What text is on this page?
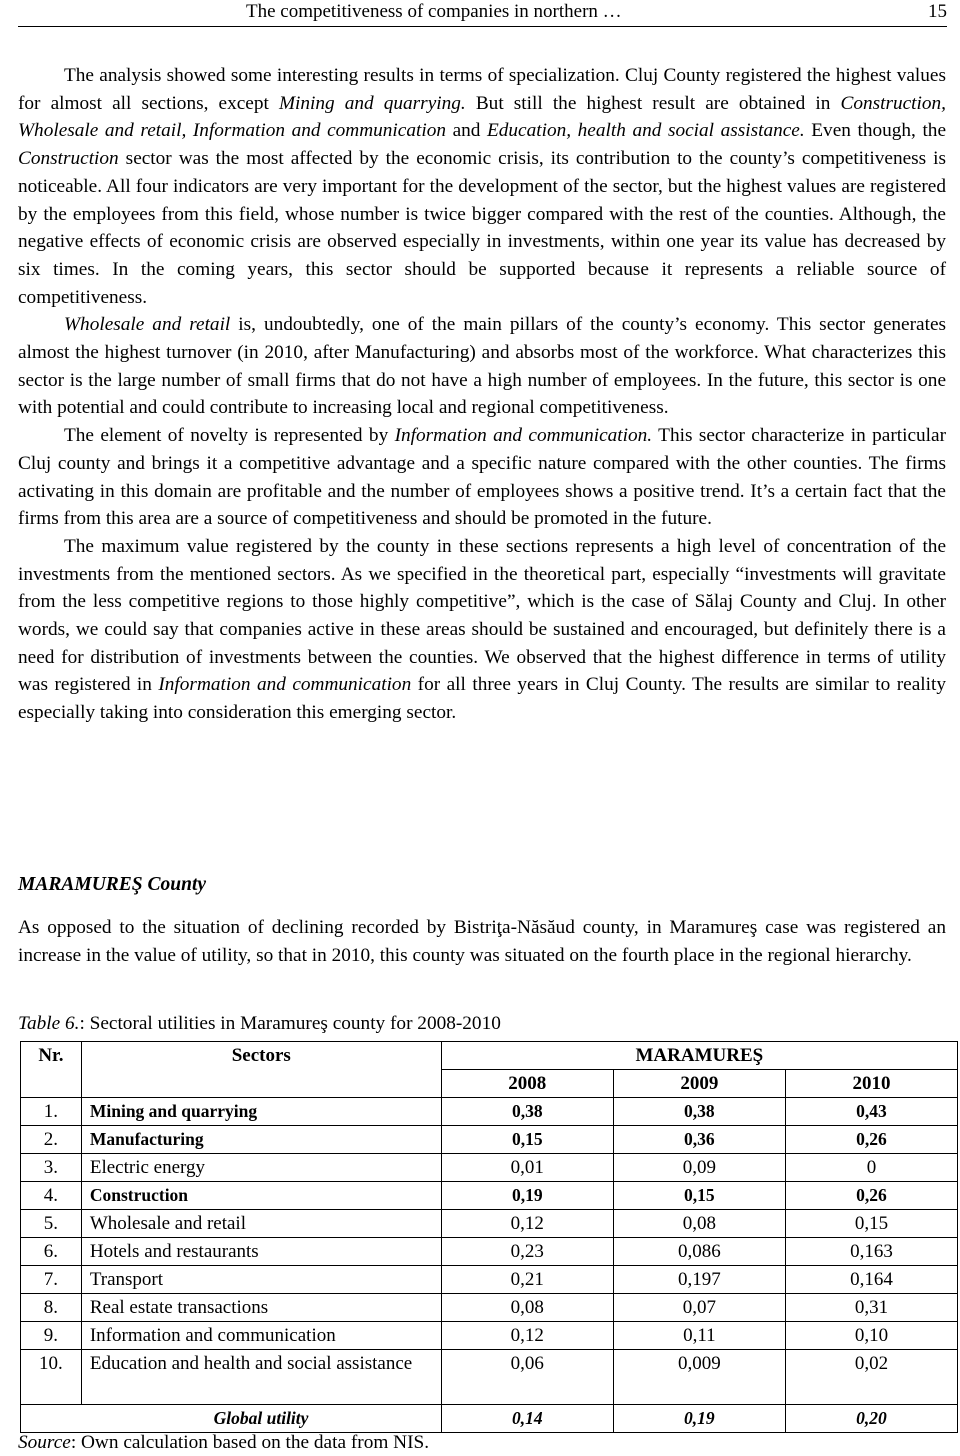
The competitiveness of companies in northern …	15

The analysis showed some interesting results in terms of specialization. Cluj County registered the highest values for almost all sections, except Mining and quarrying. But still the highest result are obtained in Construction, Wholesale and retail, Information and communication and Education, health and social assistance. Even though, the Construction sector was the most affected by the economic crisis, its contribution to the county’s competitiveness is noticeable. All four indicators are very important for the development of the sector, but the highest values are registered by the employees from this field, whose number is twice bigger compared with the rest of the counties. Although, the negative effects of economic crisis are observed especially in investments, within one year its value has decreased by six times. In the coming years, this sector should be supported because it represents a reliable source of competitiveness.

Wholesale and retail is, undoubtedly, one of the main pillars of the county’s economy. This sector generates almost the highest turnover (in 2010, after Manufacturing) and absorbs most of the workforce. What characterizes this sector is the large number of small firms that do not have a high number of employees. In the future, this sector is one with potential and could contribute to increasing local and regional competitiveness.

The element of novelty is represented by Information and communication. This sector characterize in particular Cluj county and brings it a competitive advantage and a specific nature compared with the other counties. The firms activating in this domain are profitable and the number of employees shows a positive trend. It’s a certain fact that the firms from this area are a source of competitiveness and should be promoted in the future.

The maximum value registered by the county in these sections represents a high level of concentration of the investments from the mentioned sectors. As we specified in the theoretical part, especially “investments will gravitate from the less competitive regions to those highly competitive”, which is the case of Sălaj County and Cluj. In other words, we could say that companies active in these areas should be sustained and encouraged, but definitely there is a need for distribution of investments between the counties. We observed that the highest difference in terms of utility was registered in Information and communication for all three years in Cluj County. The results are similar to reality especially taking into consideration this emerging sector.

MARAMUREŞ County

As opposed to the situation of declining recorded by Bistriţa-Năsăud county, in Maramureş case was registered an increase in the value of utility, so that in 2010, this county was situated on the fourth place in the regional hierarchy.

Table 6.: Sectoral utilities in Maramureş county for 2008-2010
Nr.	Sectors	MARAMUREŞ		
		2008	2009	2010
1.	Mining and quarrying	0,38	0,38	0,43
2.	Manufacturing	0,15	0,36	0,26
3.	Electric energy	0,01	0,09	0
4.	Construction	0,19	0,15	0,26
5.	Wholesale and retail	0,12	0,08	0,15
6.	Hotels and restaurants	0,23	0,086	0,163
7.	Transport	0,21	0,197	0,164
8.	Real estate transactions	0,08	0,07	0,31
9.	Information and communication	0,12	0,11	0,10
10.	Education and health and social assistance	0,06	0,009	0,02
	Global utility	0,14	0,19	0,20
Source: Own calculation based on the data from NIS.
